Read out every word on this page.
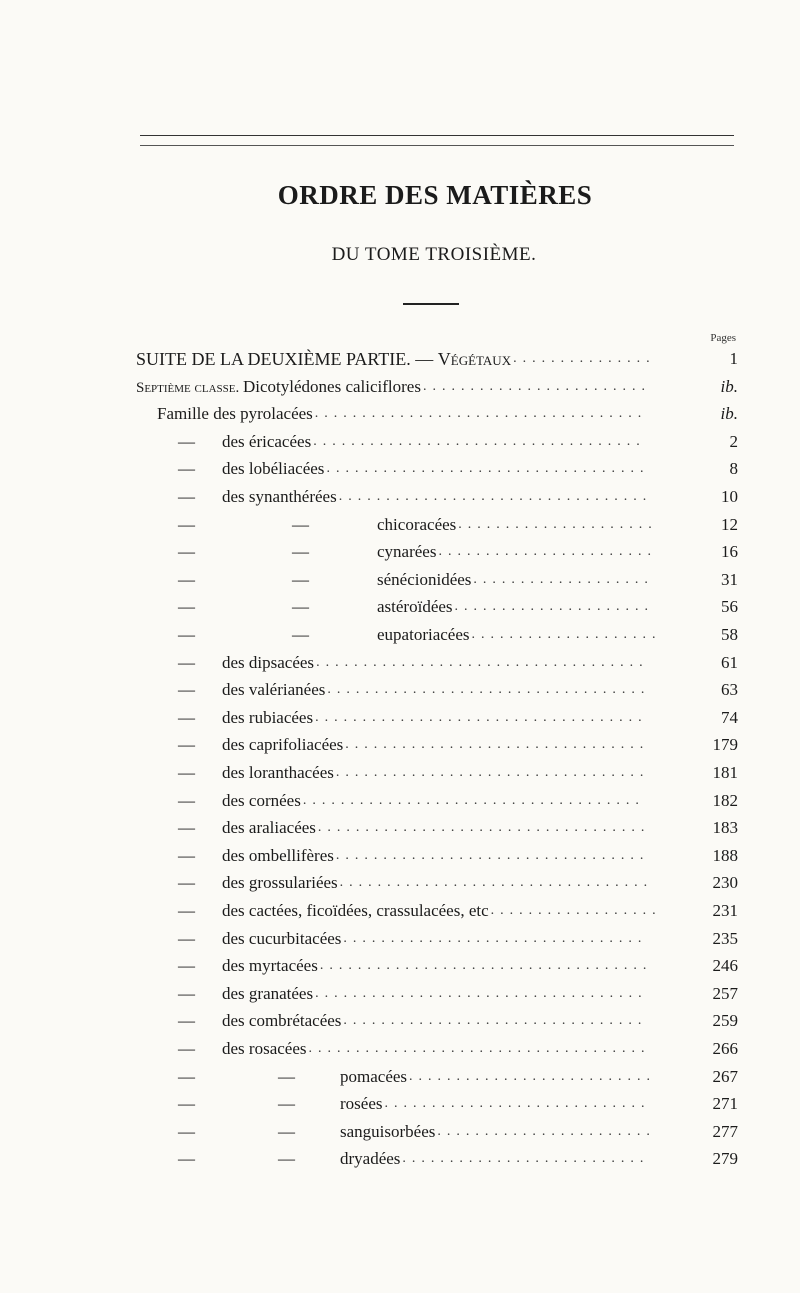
ORDRE DES MATIÈRES
DU TOME TROISIÈME.
Pages
SUITE DE LA DEUXIÈME PARTIE. — Végétaux ...............	1
Septième classe. Dicotylédones caliciflores ........................	ib.
Famille des pyrolacées ...................................	ib.
— des éricacées ...................................	2
— des lobéliacées ..................................	8
— des synanthérées .................................	10
—	—	chicoracées .....................	12
—	—	cynarées .......................	16
—	—	sénécionidées ...................	31
—	—	astéroïdées .....................	56
—	—	eupatoriacées ....................	58
— des dipsacées ...................................	61
— des valérianées ..................................	63
— des rubiacées ...................................	74
— des caprifoliacées ................................	179
— des loranthacées .................................	181
— des cornées ....................................	182
— des araliacées ...................................	183
— des ombellifères .................................	188
— des grossulariées .................................	230
— des cactées, ficoïdées, crassulacées, etc ..................	231
— des cucurbitacées ................................	235
— des myrtacées ...................................	246
— des granatées ...................................	257
— des combrétacées ................................	259
— des rosacées ....................................	266
—	—	pomacées ..........................	267
—	—	rosées ............................	271
—	—	sanguisorbées .......................	277
—	—	dryadées ..........................	279
